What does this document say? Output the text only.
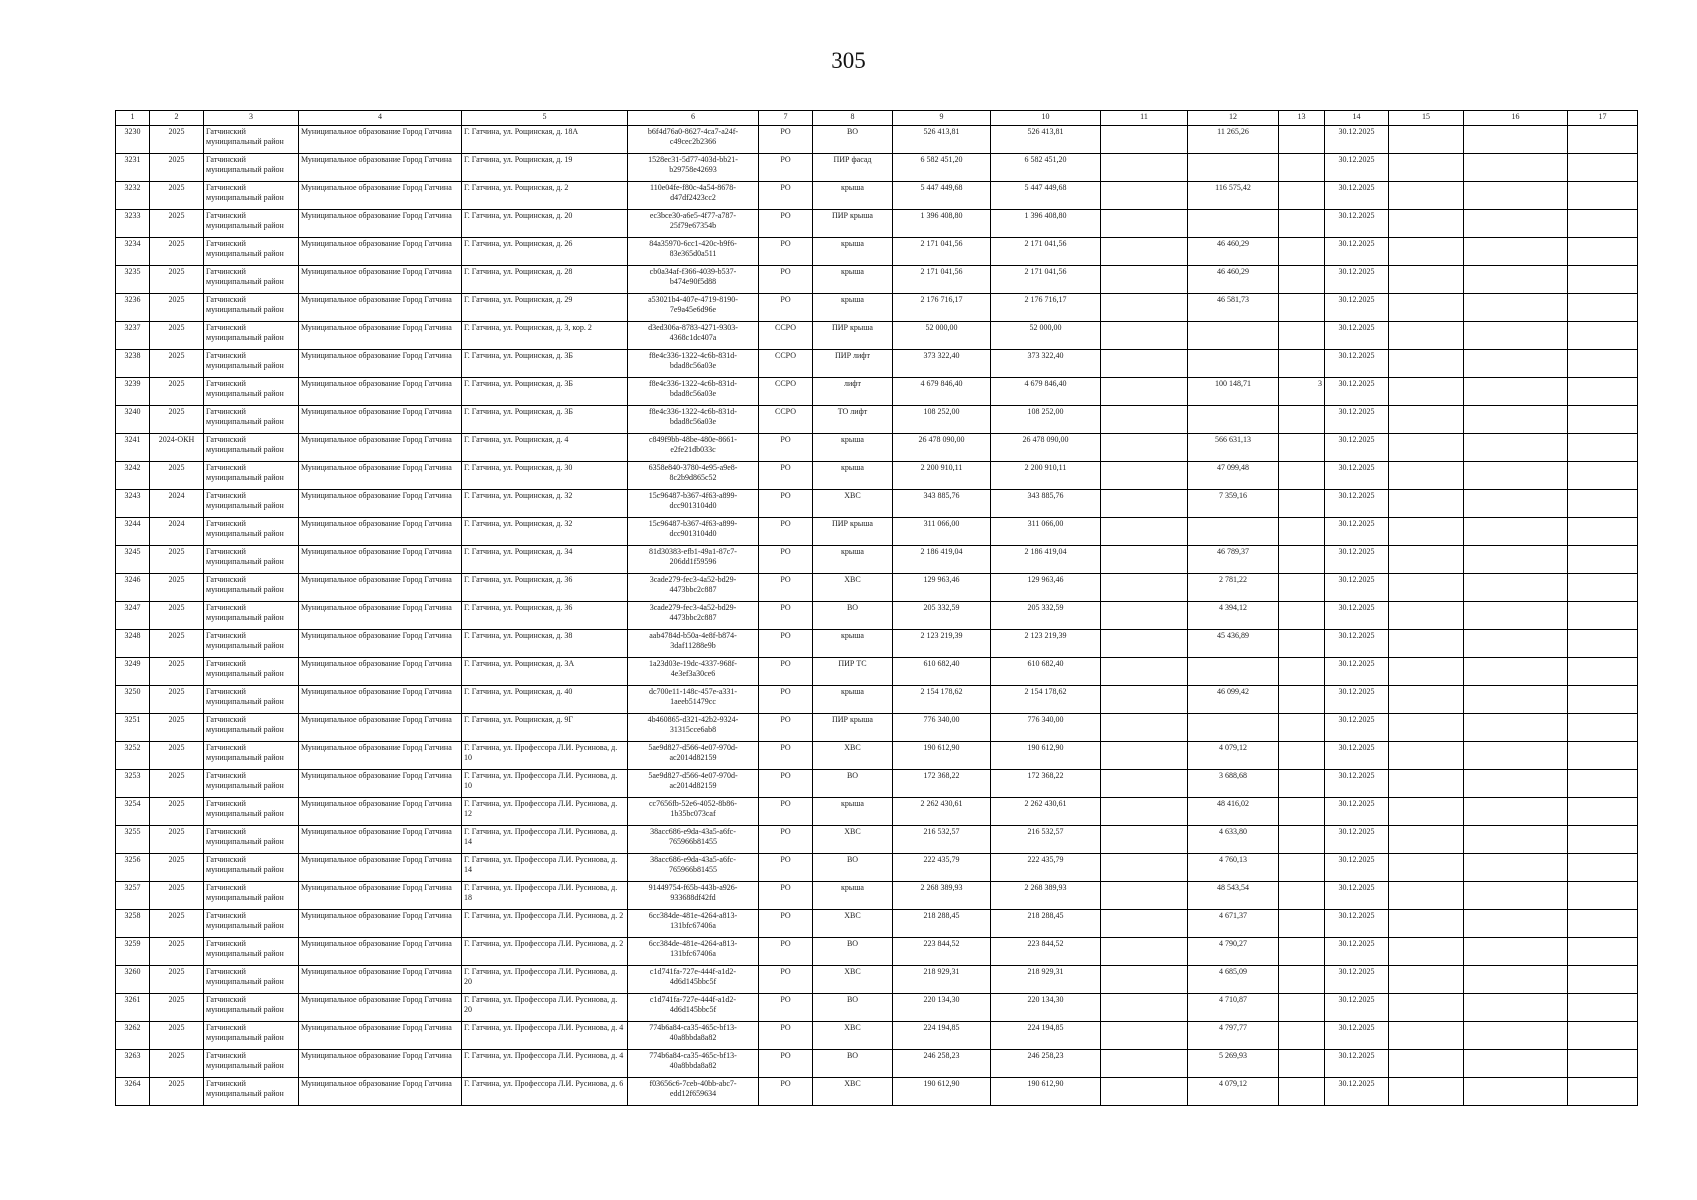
305
1	2	3	4	5	6	7	8	9	10	11	12	13	14	15	16	17
3230	2025	Гатчинский муниципальный район	Муниципальное образование Город Гатчина	Г. Гатчина, ул. Рощинская, д. 18А	b6f4d76a0-8627-4ca7-a24f-c49cec2b2366	РО	ВО	526 413,81	526 413,81		11 265,26		30.12.2025			
3231	2025	Гатчинский муниципальный район	Муниципальное образование Город Гатчина	Г. Гатчина, ул. Рощинская, д. 19	1528ec31-5d77-403d-bb21-b29758e42693	РО	ПИР фасад	6 582 451,20	6 582 451,20				30.12.2025			
3232	2025	Гатчинский муниципальный район	Муниципальное образование Город Гатчина	Г. Гатчина, ул. Рощинская, д. 2	110e04fe-f80c-4a54-8678-d47df2423cc2	РО	крыша	5 447 449,68	5 447 449,68		116 575,42		30.12.2025			
3233	2025	Гатчинский муниципальный район	Муниципальное образование Город Гатчина	Г. Гатчина, ул. Рощинская, д. 20	ec3bce30-a6e5-4f77-a787-25f79e67354b	РО	ПИР крыша	1 396 408,80	1 396 408,80				30.12.2025			
3234	2025	Гатчинский муниципальный район	Муниципальное образование Город Гатчина	Г. Гатчина, ул. Рощинская, д. 26	84a35970-6cc1-420c-b9f6-83e365d0a511	РО	крыша	2 171 041,56	2 171 041,56		46 460,29		30.12.2025			
3235	2025	Гатчинский муниципальный район	Муниципальное образование Город Гатчина	Г. Гатчина, ул. Рощинская, д. 28	cb0a34af-f366-4039-b537-b474e90f5d88	РО	крыша	2 171 041,56	2 171 041,56		46 460,29		30.12.2025			
3236	2025	Гатчинский муниципальный район	Муниципальное образование Город Гатчина	Г. Гатчина, ул. Рощинская, д. 29	a53021b4-407e-4719-8190-7e9a45e6d96e	РО	крыша	2 176 716,17	2 176 716,17		46 581,73		30.12.2025			
3237	2025	Гатчинский муниципальный район	Муниципальное образование Город Гатчина	Г. Гатчина, ул. Рощинская, д. 3, кор. 2	d3ed306a-8783-4271-9303-4368c1dc407a	ССРО	ПИР крыша	52 000,00	52 000,00				30.12.2025			
3238	2025	Гатчинский муниципальный район	Муниципальное образование Город Гатчина	Г. Гатчина, ул. Рощинская, д. 3Б	f8e4c336-1322-4c6b-831d-bdad8c56a03e	ССРО	ПИР лифт	373 322,40	373 322,40				30.12.2025			
3239	2025	Гатчинский муниципальный район	Муниципальное образование Город Гатчина	Г. Гатчина, ул. Рощинская, д. 3Б	f8e4c336-1322-4c6b-831d-bdad8c56a03e	ССРО	лифт	4 679 846,40	4 679 846,40		100 148,71	3	30.12.2025			
3240	2025	Гатчинский муниципальный район	Муниципальное образование Город Гатчина	Г. Гатчина, ул. Рощинская, д. 3Б	f8e4c336-1322-4c6b-831d-bdad8c56a03e	ССРО	ТО лифт	108 252,00	108 252,00				30.12.2025			
3241	2024-ОКН	Гатчинский муниципальный район	Муниципальное образование Город Гатчина	Г. Гатчина, ул. Рощинская, д. 4	c849f9bb-48be-480e-8661-e2fe21db033c	РО	крыша	26 478 090,00	26 478 090,00		566 631,13		30.12.2025			
3242	2025	Гатчинский муниципальный район	Муниципальное образование Город Гатчина	Г. Гатчина, ул. Рощинская, д. 30	6358e840-3780-4e95-a9e8-8c2b9d865c52	РО	крыша	2 200 910,11	2 200 910,11		47 099,48		30.12.2025			
3243	2024	Гатчинский муниципальный район	Муниципальное образование Город Гатчина	Г. Гатчина, ул. Рощинская, д. 32	15c96487-b367-4f63-a899-dcc9013104d0	РО	ХВС	343 885,76	343 885,76		7 359,16		30.12.2025			
3244	2024	Гатчинский муниципальный район	Муниципальное образование Город Гатчина	Г. Гатчина, ул. Рощинская, д. 32	15c96487-b367-4f63-a899-dcc9013104d0	РО	ПИР крыша	311 066,00	311 066,00				30.12.2025			
3245	2025	Гатчинский муниципальный район	Муниципальное образование Город Гатчина	Г. Гатчина, ул. Рощинская, д. 34	81d30383-efb1-49a1-87c7-206dd1f59596	РО	крыша	2 186 419,04	2 186 419,04		46 789,37		30.12.2025			
3246	2025	Гатчинский муниципальный район	Муниципальное образование Город Гатчина	Г. Гатчина, ул. Рощинская, д. 36	3cade279-fec3-4a52-bd29-4473bbc2c887	РО	ХВС	129 963,46	129 963,46		2 781,22		30.12.2025			
3247	2025	Гатчинский муниципальный район	Муниципальное образование Город Гатчина	Г. Гатчина, ул. Рощинская, д. 36	3cade279-fec3-4a52-bd29-4473bbc2c887	РО	ВО	205 332,59	205 332,59		4 394,12		30.12.2025			
3248	2025	Гатчинский муниципальный район	Муниципальное образование Город Гатчина	Г. Гатчина, ул. Рощинская, д. 38	aab4784d-b50a-4e8f-b874-3daf11288e9b	РО	крыша	2 123 219,39	2 123 219,39		45 436,89		30.12.2025			
3249	2025	Гатчинский муниципальный район	Муниципальное образование Город Гатчина	Г. Гатчина, ул. Рощинская, д. 3А	1a23d03e-19dc-4337-968f-4e3ef3a30ce6	РО	ПИР ТС	610 682,40	610 682,40				30.12.2025			
3250	2025	Гатчинский муниципальный район	Муниципальное образование Город Гатчина	Г. Гатчина, ул. Рощинская, д. 40	dc700e11-148c-457e-a331-1aeeb51479cc	РО	крыша	2 154 178,62	2 154 178,62		46 099,42		30.12.2025			
3251	2025	Гатчинский муниципальный район	Муниципальное образование Город Гатчина	Г. Гатчина, ул. Рощинская, д. 9Г	4b460865-d321-42b2-9324-31315cce6ab8	РО	ПИР крыша	776 340,00	776 340,00				30.12.2025			
3252	2025	Гатчинский муниципальный район	Муниципальное образование Город Гатчина	Г. Гатчина, ул. Профессора Л.И. Русинова, д. 10	5ae9d827-d566-4e07-970d-ac2014d82159	РО	ХВС	190 612,90	190 612,90		4 079,12		30.12.2025			
3253	2025	Гатчинский муниципальный район	Муниципальное образование Город Гатчина	Г. Гатчина, ул. Профессора Л.И. Русинова, д. 10	5ae9d827-d566-4e07-970d-ac2014d82159	РО	ВО	172 368,22	172 368,22		3 688,68		30.12.2025			
3254	2025	Гатчинский муниципальный район	Муниципальное образование Город Гатчина	Г. Гатчина, ул. Профессора Л.И. Русинова, д. 12	cc7656fb-52e6-4052-8b86-1b35bc073caf	РО	крыша	2 262 430,61	2 262 430,61		48 416,02		30.12.2025			
3255	2025	Гатчинский муниципальный район	Муниципальное образование Город Гатчина	Г. Гатчина, ул. Профессора Л.И. Русинова, д. 14	38acc686-e9da-43a5-a6fc-765966b81455	РО	ХВС	216 532,57	216 532,57		4 633,80		30.12.2025			
3256	2025	Гатчинский муниципальный район	Муниципальное образование Город Гатчина	Г. Гатчина, ул. Профессора Л.И. Русинова, д. 14	38acc686-e9da-43a5-a6fc-765966b81455	РО	ВО	222 435,79	222 435,79		4 760,13		30.12.2025			
3257	2025	Гатчинский муниципальный район	Муниципальное образование Город Гатчина	Г. Гатчина, ул. Профессора Л.И. Русинова, д. 18	91449754-f65b-443b-a926-933688df42fd	РО	крыша	2 268 389,93	2 268 389,93		48 543,54		30.12.2025			
3258	2025	Гатчинский муниципальный район	Муниципальное образование Город Гатчина	Г. Гатчина, ул. Профессора Л.И. Русинова, д. 2	6cc384de-481e-4264-a813-131bfc67406a	РО	ХВС	218 288,45	218 288,45		4 671,37		30.12.2025			
3259	2025	Гатчинский муниципальный район	Муниципальное образование Город Гатчина	Г. Гатчина, ул. Профессора Л.И. Русинова, д. 2	6cc384de-481e-4264-a813-131bfc67406a	РО	ВО	223 844,52	223 844,52		4 790,27		30.12.2025			
3260	2025	Гатчинский муниципальный район	Муниципальное образование Город Гатчина	Г. Гатчина, ул. Профессора Л.И. Русинова, д. 20	c1d741fa-727e-444f-a1d2-4d6d145bbc5f	РО	ХВС	218 929,31	218 929,31		4 685,09		30.12.2025			
3261	2025	Гатчинский муниципальный район	Муниципальное образование Город Гатчина	Г. Гатчина, ул. Профессора Л.И. Русинова, д. 20	c1d741fa-727e-444f-a1d2-4d6d145bbc5f	РО	ВО	220 134,30	220 134,30		4 710,87		30.12.2025			
3262	2025	Гатчинский муниципальный район	Муниципальное образование Город Гатчина	Г. Гатчина, ул. Профессора Л.И. Русинова, д. 4	774b6a84-ca35-465c-bf13-40a8bbda8a82	РО	ХВС	224 194,85	224 194,85		4 797,77		30.12.2025			
3263	2025	Гатчинский муниципальный район	Муниципальное образование Город Гатчина	Г. Гатчина, ул. Профессора Л.И. Русинова, д. 4	774b6a84-ca35-465c-bf13-40a8bbda8a82	РО	ВО	246 258,23	246 258,23		5 269,93		30.12.2025			
3264	2025	Гатчинский муниципальный район	Муниципальное образование Город Гатчина	Г. Гатчина, ул. Профессора Л.И. Русинова, д. 6	f03656c6-7ceb-40bb-abc7-edd12f659634	РО	ХВС	190 612,90	190 612,90		4 079,12		30.12.2025			
